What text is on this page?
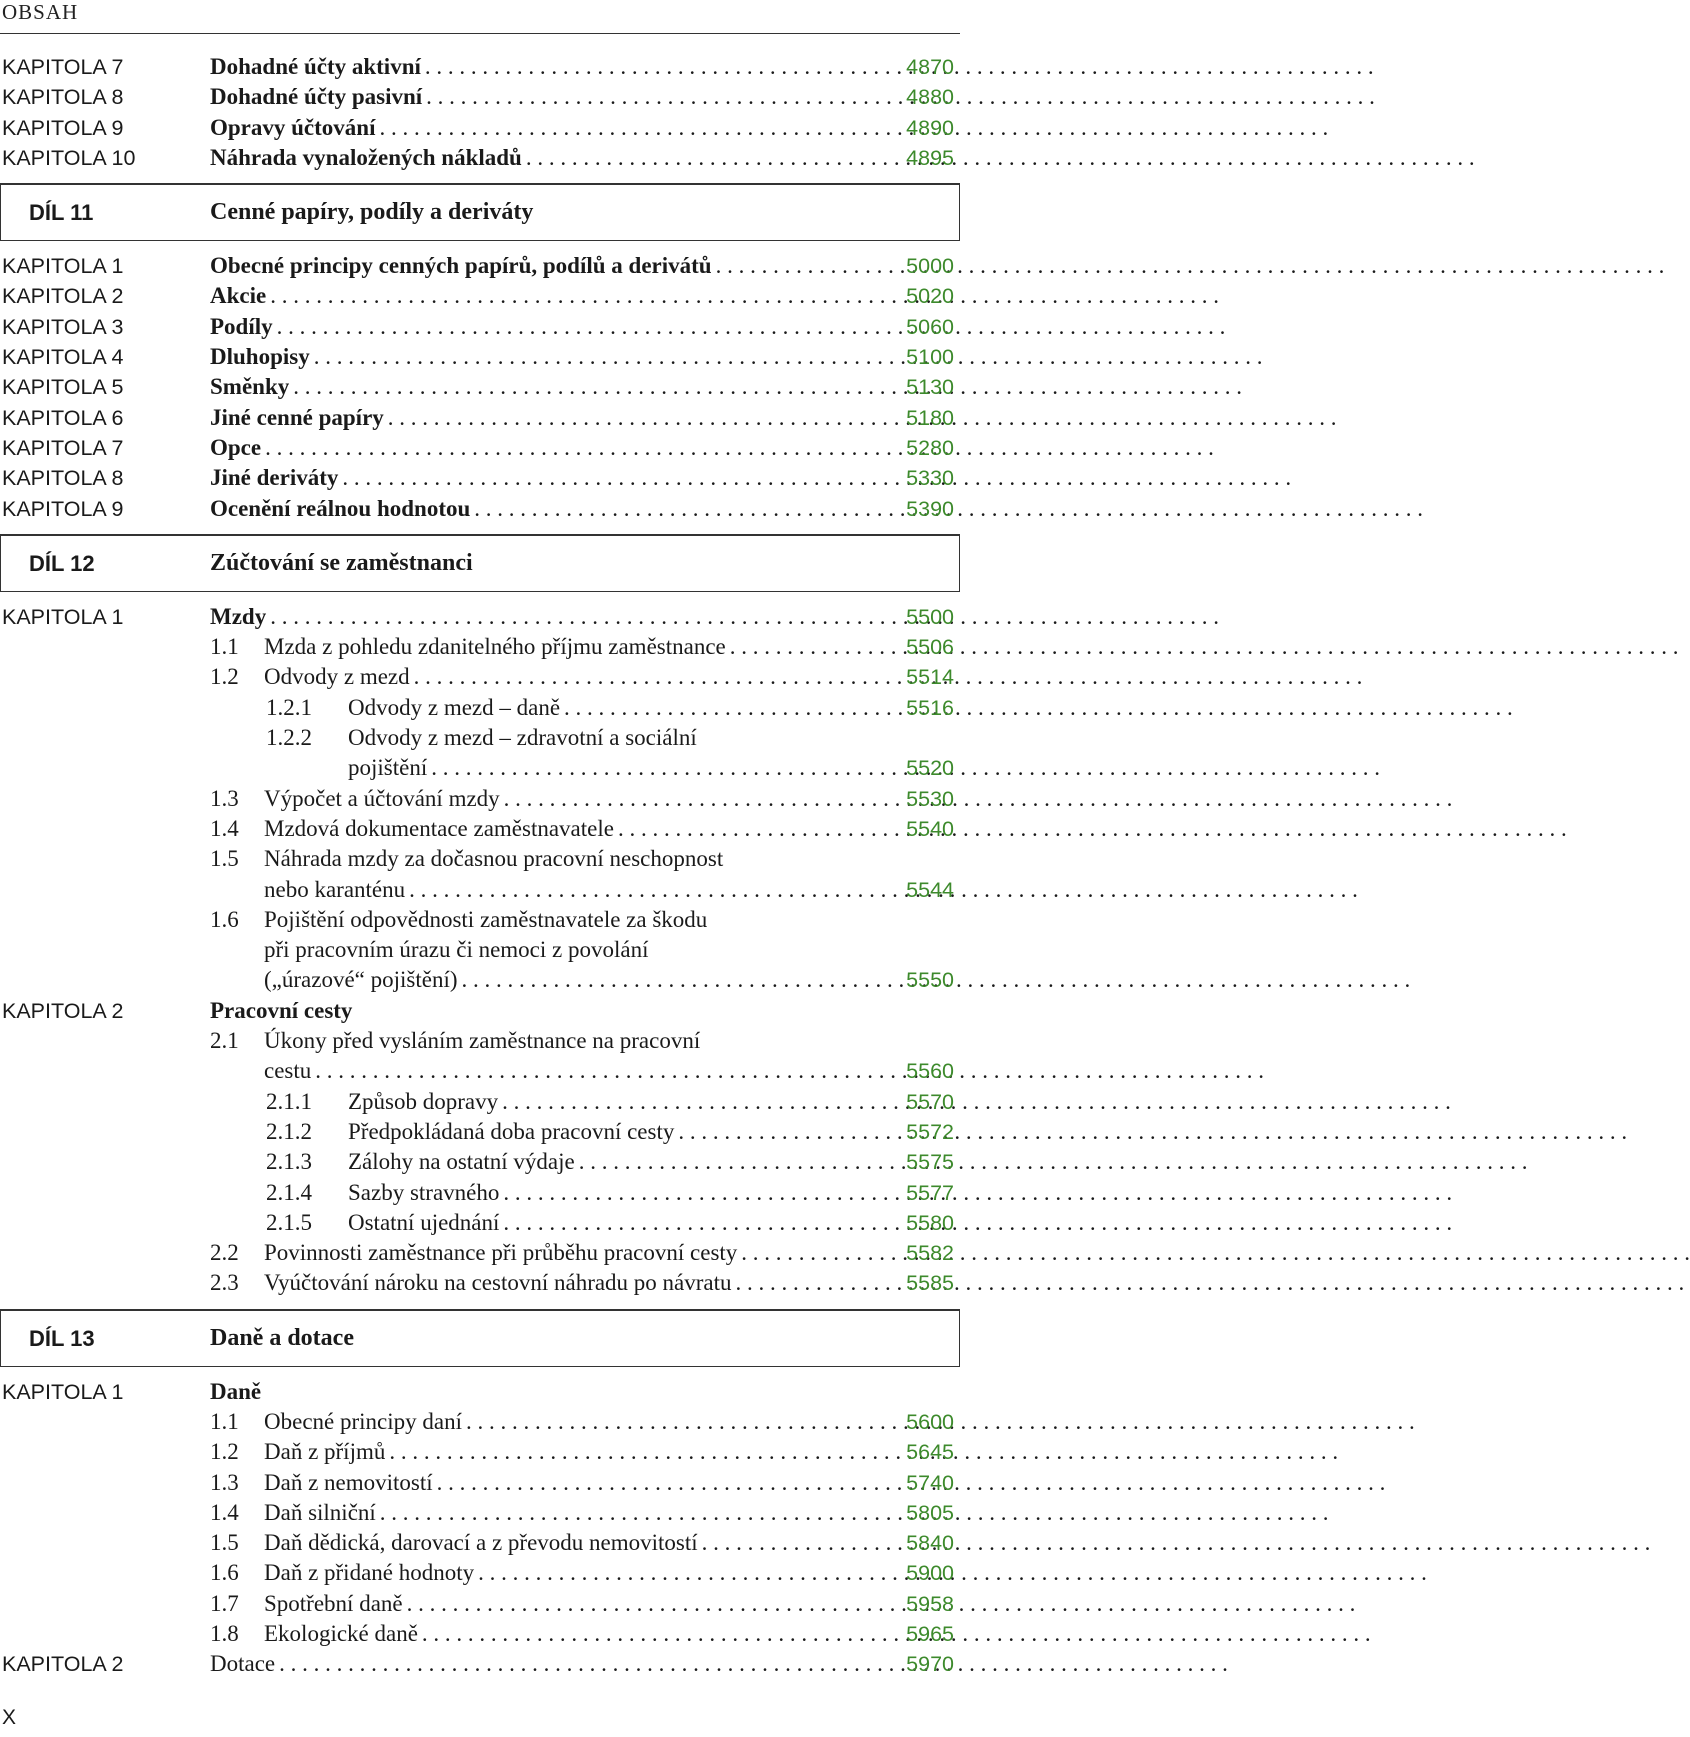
OBSAH
KAPITOLA 7	Dohadné účty aktivní . . .	4870
KAPITOLA 8	Dohadné účty pasivní . . .	4880
KAPITOLA 9	Opravy účtování . . .	4890
KAPITOLA 10	Náhrada vynaložených nákladů . . .	4895
DÍL 11	Cenné papíry, podíly a deriváty
KAPITOLA 1	Obecné principy cenných papírů, podílů a derivátů . . .	5000
KAPITOLA 2	Akcie . . .	5020
KAPITOLA 3	Podíly . . .	5060
KAPITOLA 4	Dluhopisy . . .	5100
KAPITOLA 5	Směnky . . .	5130
KAPITOLA 6	Jiné cenné papíry . . .	5180
KAPITOLA 7	Opce . . .	5280
KAPITOLA 8	Jiné deriváty . . .	5330
KAPITOLA 9	Ocenění reálnou hodnotou . . .	5390
DÍL 12	Zúčtování se zaměstnanci
KAPITOLA 1	Mzdy . . .	5500
1.1	Mzda z pohledu zdanitelného příjmu zaměstnance . . .	5506
1.2	Odvody z mezd . . .	5514
1.2.1	Odvody z mezd – daně . . .	5516
1.2.2 Odvody z mezd – zdravotní a sociální
pojištění . . .	5520
1.3	Výpočet a účtování mzdy . . .	5530
1.4	Mzdová dokumentace zaměstnavatele . . .	5540
1.5 Náhrada mzdy za dočasnou pracovní neschopnost
nebo karanténu . . .	5544
1.6 Pojištění odpovědnosti zaměstnavatele za škodu
při pracovním úrazu či nemoci z povolání
(„úrazové“ pojištění) . . .	5550
KAPITOLA 2	Pracovní cesty
2.1 Úkony před vysláním zaměstnance na pracovní
cestu . . .	5560
2.1.1	Způsob dopravy . . .	5570
2.1.2	Předpokládaná doba pracovní cesty . . .	5572
2.1.3	Zálohy na ostatní výdaje . . .	5575
2.1.4	Sazby stravného . . .	5577
2.1.5	Ostatní ujednání . . .	5580
2.2	Povinnosti zaměstnance při průběhu pracovní cesty . . .	5582
2.3	Vyúčtování nároku na cestovní náhradu po návratu . . .	5585
DÍL 13	Daně a dotace
KAPITOLA 1	Daně
1.1	Obecné principy daní . . .	5600
1.2	Daň z příjmů . . .	5645
1.3	Daň z nemovitostí . . .	5740
1.4	Daň silniční . . .	5805
1.5	Daň dědická, darovací a z převodu nemovitostí . . .	5840
1.6	Daň z přidané hodnoty . . .	5900
1.7	Spotřební daně . . .	5958
1.8	Ekologické daně . . .	5965
KAPITOLA 2	Dotace . . .	5970
X
